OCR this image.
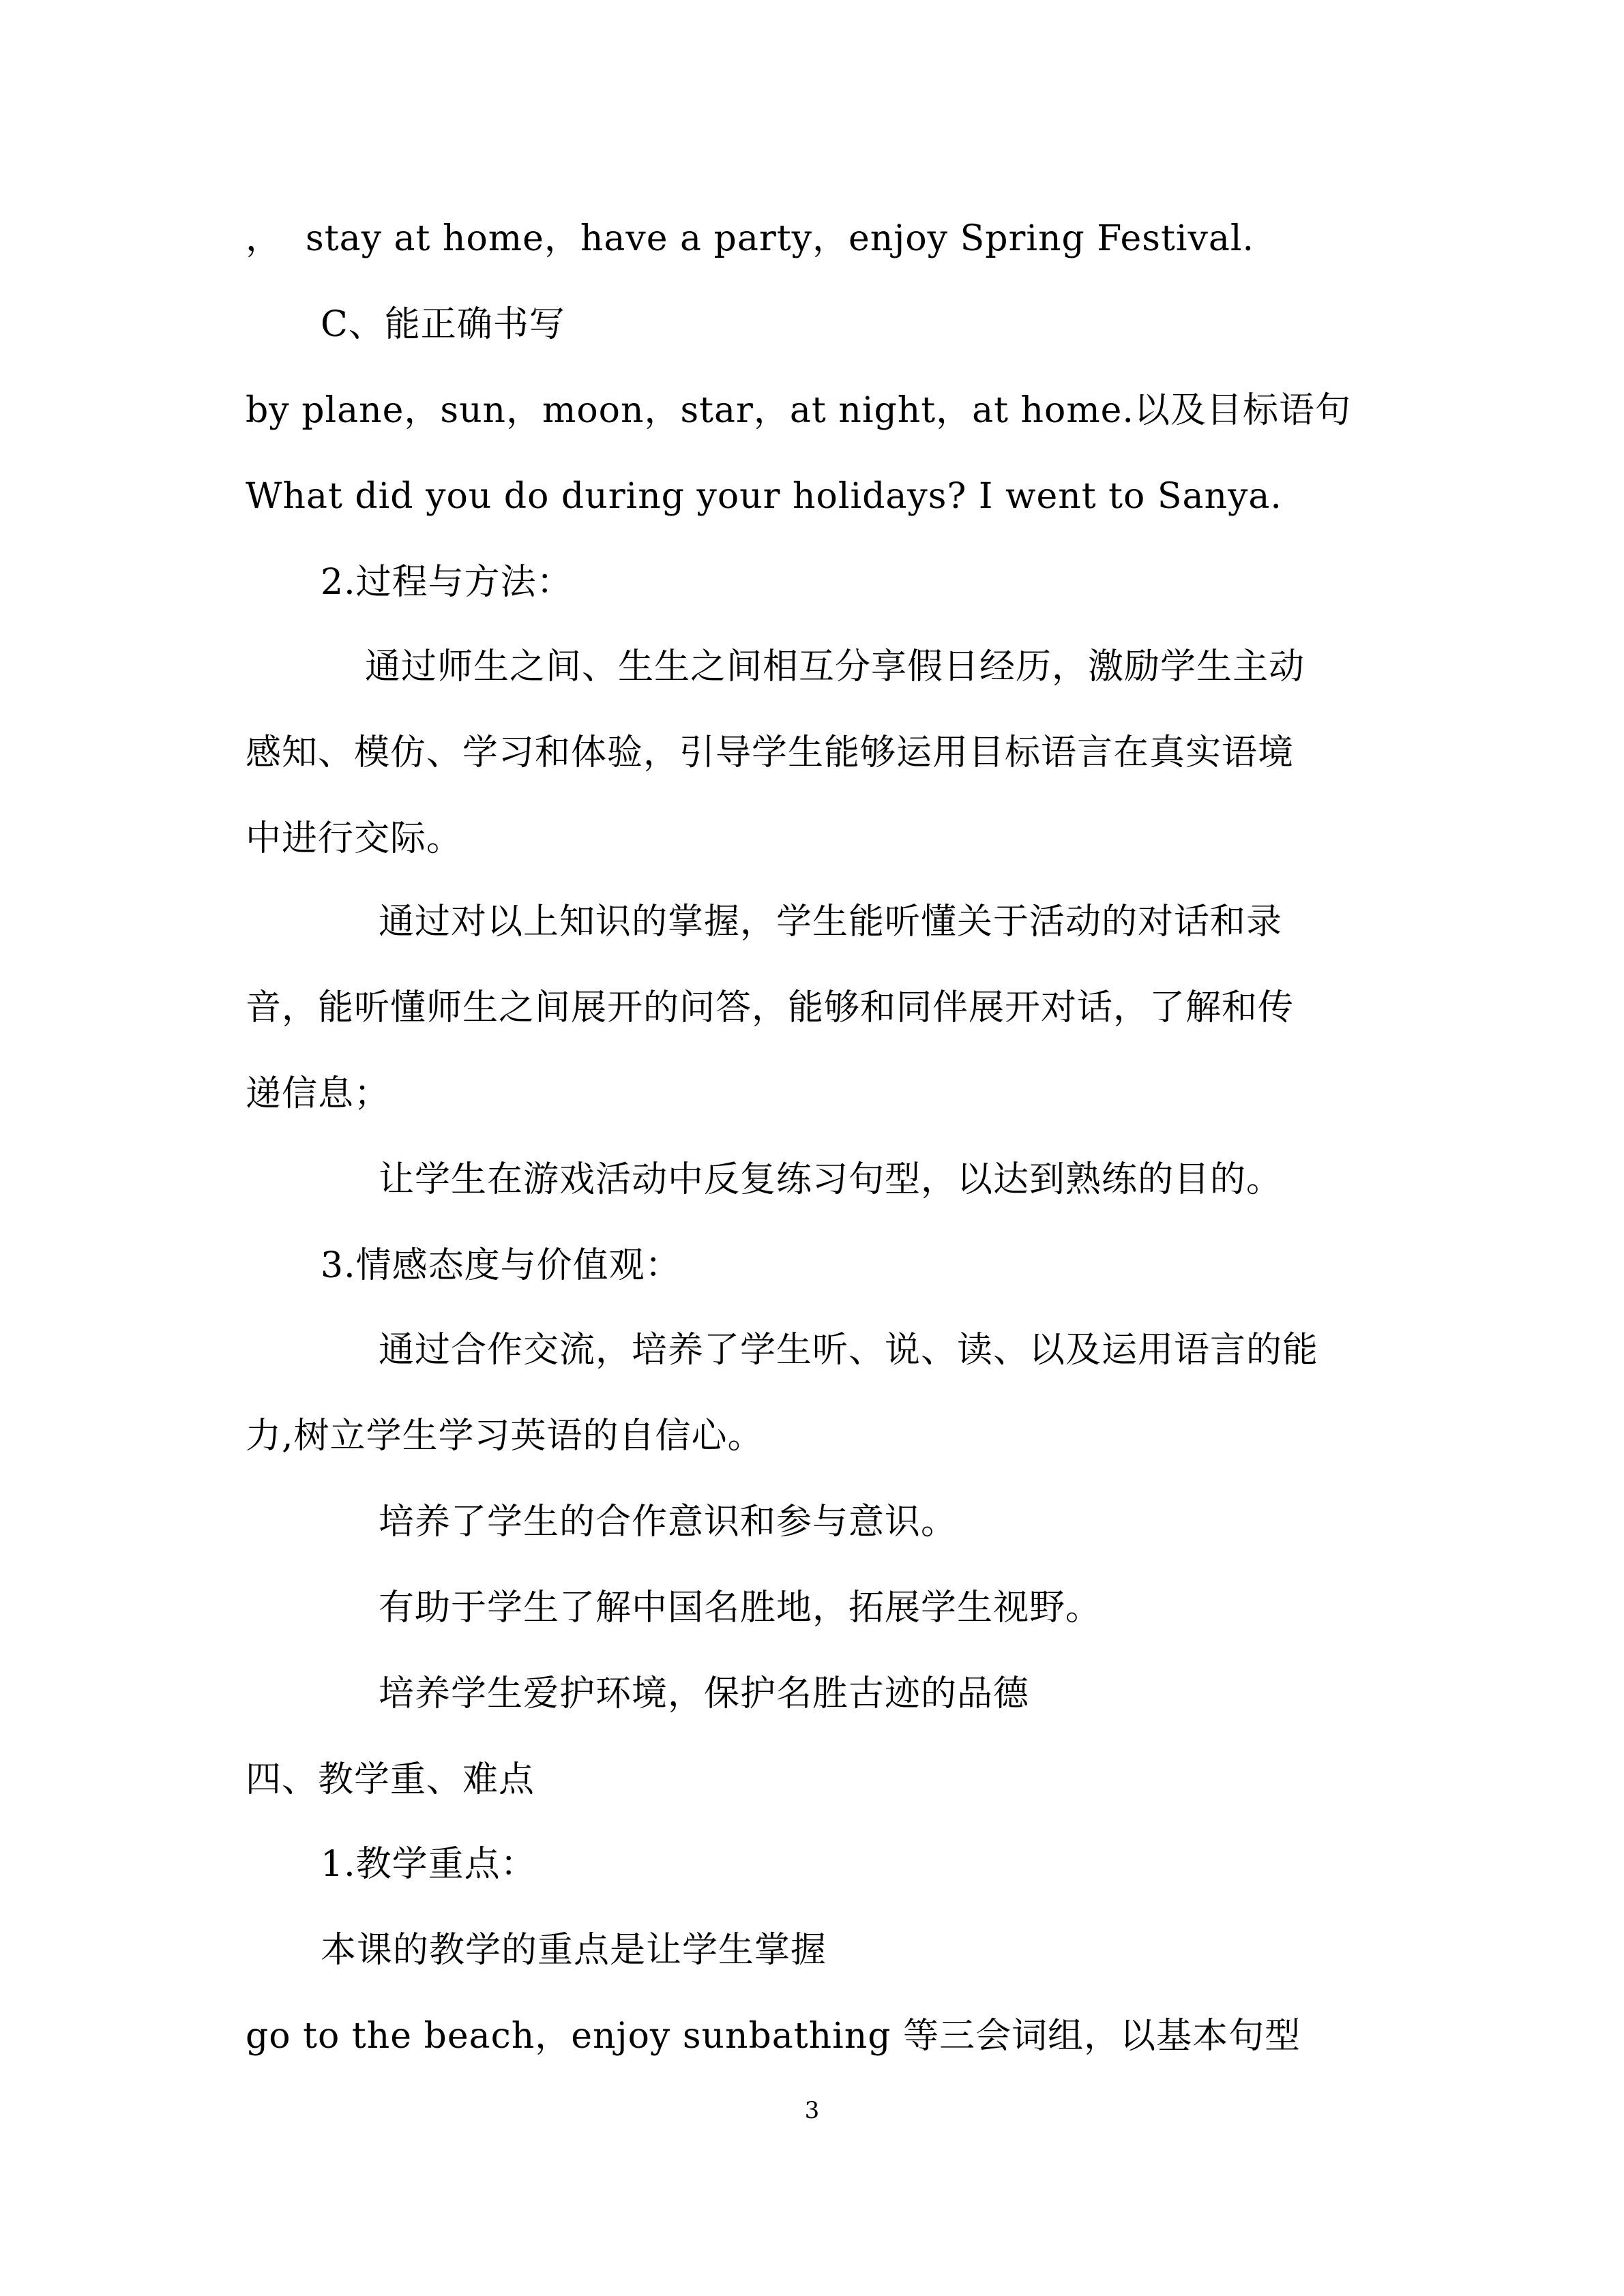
，  stay at home，have a party，enjoy Spring Festival.
C、能正确书写
by plane，sun，moon，star，at night，at home.以及目标语句
What did you do during your holidays? I went to Sanya.
2.过程与方法：
通过师生之间、生生之间相互分享假日经历，激励学生主动
感知、模仿、学习和体验，引导学生能够运用目标语言在真实语境
中进行交际。
通过对以上知识的掌握，学生能听懂关于活动的对话和录
音，能听懂师生之间展开的问答，能够和同伴展开对话，了解和传
递信息；
让学生在游戏活动中反复练习句型，以达到熟练的目的。
3.情感态度与价值观：
通过合作交流，培养了学生听、说、读、以及运用语言的能
力,树立学生学习英语的自信心。
培养了学生的合作意识和参与意识。
有助于学生了解中国名胜地，拓展学生视野。
培养学生爱护环境，保护名胜古迹的品德
四、教学重、难点
1.教学重点：
本课的教学的重点是让学生掌握
go to the beach，enjoy sunbathing 等三会词组，以基本句型
3
